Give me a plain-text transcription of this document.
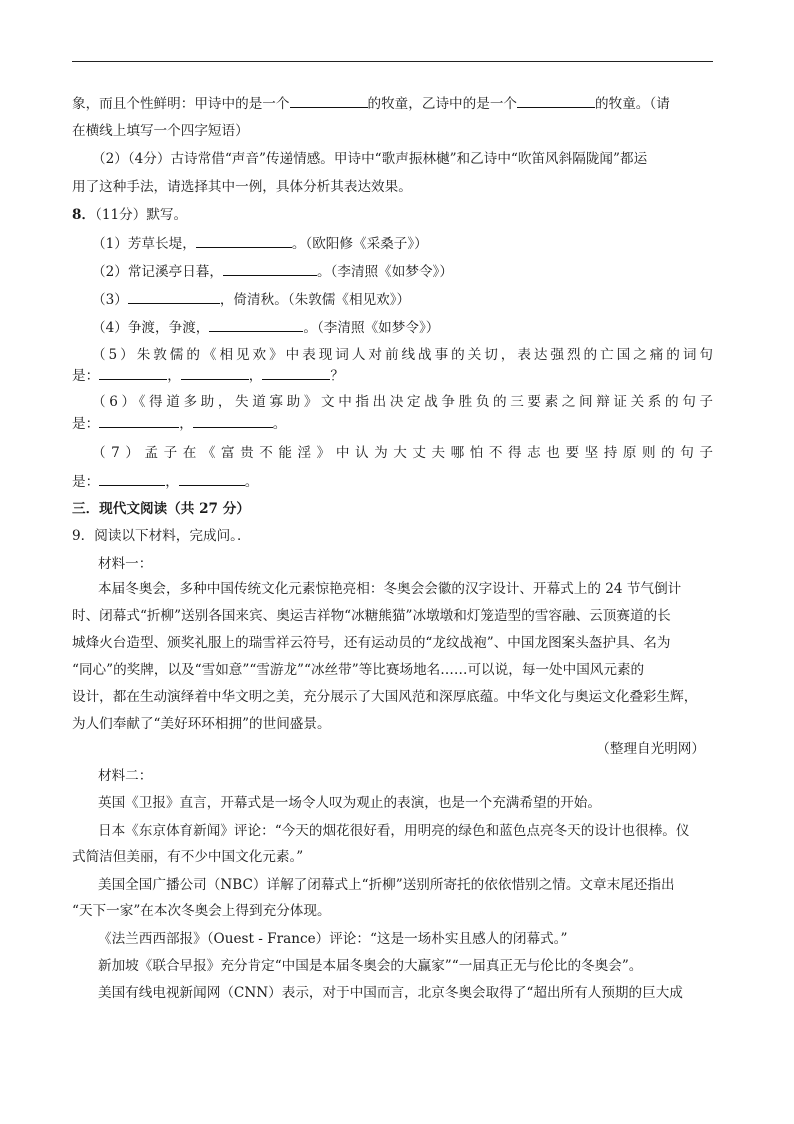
象，而且个性鲜明：甲诗中的是一个	的牧童，乙诗中的是一个	的牧童。（请
在横线上填写一个四字短语）
（2）（4分）古诗常借“声音”传递情感。甲诗中“歌声振林樾”和乙诗中“吹笛风斜隔陇闻”都运
用了这种手法，请选择其中一例，具体分析其表达效果。
8．（11分）默写。
（1）芳草长堤，	。（欧阳修《采桑子》）
（2）常记溪亭日暮，	。（李清照《如梦令》）
（3）	，倚清秋。（朱敦儒《相见欢》）
（4）争渡，争渡，	。（李清照《如梦令》）
（5）朱敦儒的《相见欢》中表现词人对前线战事的关切，表达强烈的亡国之痛的词句
是：	，	，	？
（6）《得道多助，失道寡助》文中指出决定战争胜负的三要素之间辩证关系的句子
是：	，	。
（7）孟子在《富贵不能淫》中认为大丈夫哪怕不得志也要坚持原则的句子
是：	，	。
三．现代文阅读（共 27 分）
9．阅读以下材料，完成问。．
材料一：
本届冬奥会，多种中国传统文化元素惊艳亮相：冬奥会会徽的汉字设计、开幕式上的 24 节气倒计
时、闭幕式“折柳”送别各国来宾、奥运吉祥物“冰糖熊猫”冰墩墩和灯笼造型的雪容融、云顶赛道的长
城烽火台造型、颁奖礼服上的瑞雪祥云符号，还有运动员的“龙纹战袍”、中国龙图案头盔护具、名为
“同心”的奖牌，以及“雪如意”“雪游龙”“冰丝带”等比赛场地名……可以说，每一处中国风元素的
设计，都在生动演绎着中华文明之美，充分展示了大国风范和深厚底蕴。中华文化与奥运文化叠彩生辉，
为人们奉献了“美好环环相拥”的世间盛景。
（整理自光明网）
材料二：
英国《卫报》直言，开幕式是一场令人叹为观止的表演，也是一个充满希望的开始。
日本《东京体育新闻》评论：“今天的烟花很好看，用明亮的绿色和蓝色点亮冬天的设计也很棒。仪
式简洁但美丽，有不少中国文化元素。”
美国全国广播公司（NBC）详解了闭幕式上“折柳”送别所寄托的依依惜别之情。文章末尾还指出
“天下一家”在本次冬奥会上得到充分体现。
《法兰西西部报》（Ouest - France）评论：“这是一场朴实且感人的闭幕式。”
新加坡《联合早报》充分肯定“中国是本届冬奥会的大赢家”“一届真正无与伦比的冬奥会”。
美国有线电视新闻网（CNN）表示，对于中国而言，北京冬奥会取得了“超出所有人预期的巨大成
